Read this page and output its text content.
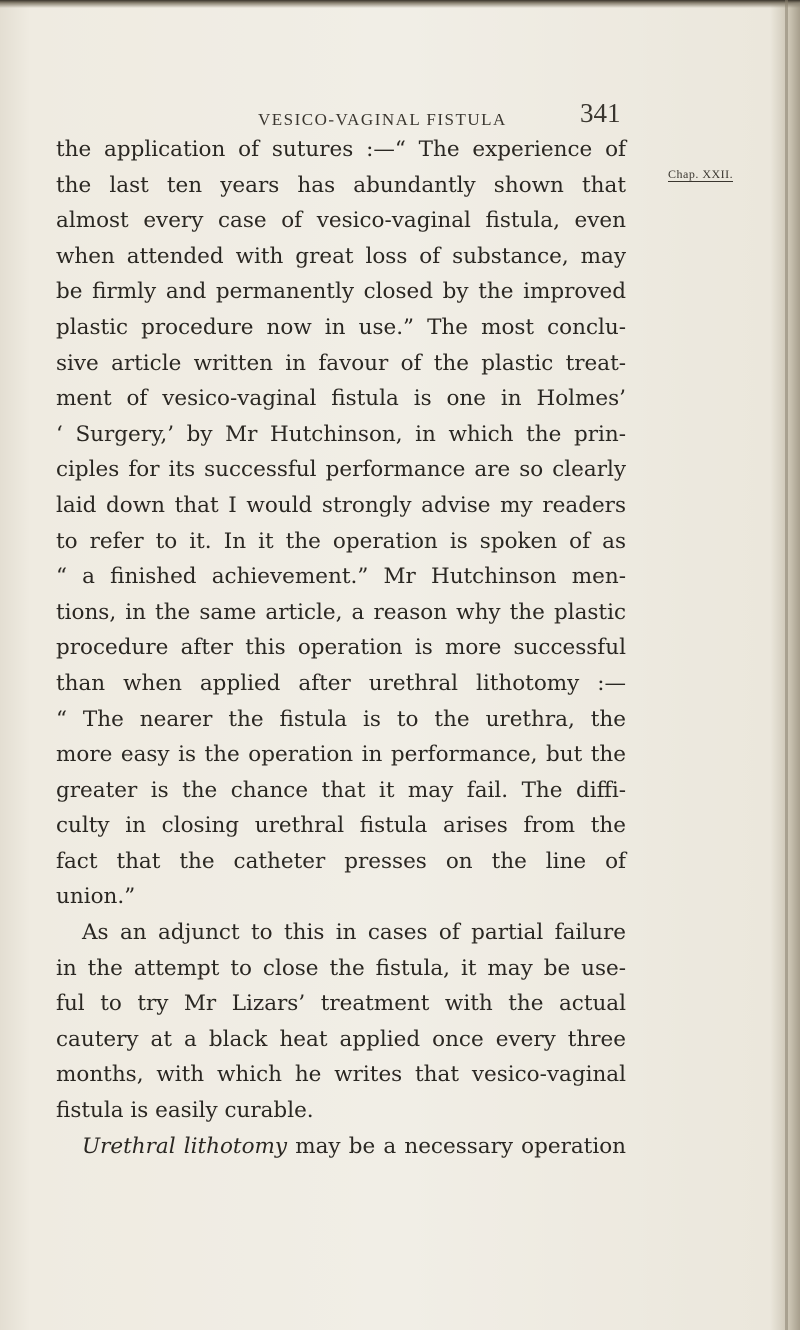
VESICO-VAGINAL FISTULA	341
Chap. XXII.
the application of sutures :—“ The experience of
the last ten years has abundantly shown that
almost every case of vesico-vaginal fistula, even
when attended with great loss of substance, may
be firmly and permanently closed by the improved
plastic procedure now in use.” The most conclu-
sive article written in favour of the plastic treat-
ment of vesico-vaginal fistula is one in Holmes’
‘ Surgery,’ by Mr Hutchinson, in which the prin-
ciples for its successful performance are so clearly
laid down that I would strongly advise my readers
to refer to it. In it the operation is spoken of as
“ a finished achievement.” Mr Hutchinson men-
tions, in the same article, a reason why the plastic
procedure after this operation is more successful
than when applied after urethral lithotomy :—
“ The nearer the fistula is to the urethra, the
more easy is the operation in performance, but the
greater is the chance that it may fail. The diffi-
culty in closing urethral fistula arises from the
fact that the catheter presses on the line of
union.”
As an adjunct to this in cases of partial failure
in the attempt to close the fistula, it may be use-
ful to try Mr Lizars’ treatment with the actual
cautery at a black heat applied once every three
months, with which he writes that vesico-vaginal
fistula is easily curable.
Urethral lithotomy may be a necessary operation
